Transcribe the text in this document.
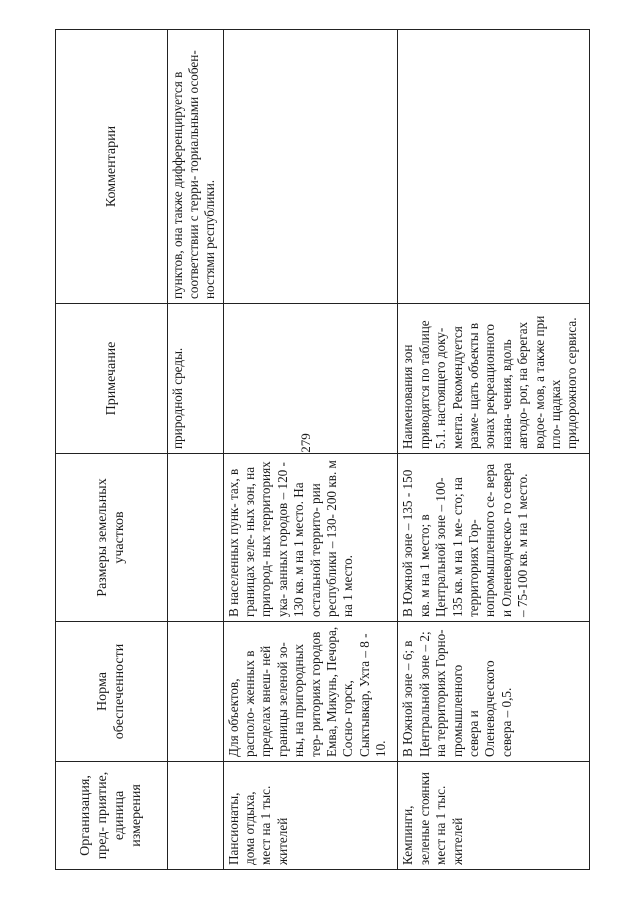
Организация, пред- приятие, единица измерения	Норма обеспеченности	Размеры земельных участков	Примечание	Комментарии
			природной среды.	пунктов, она также дифференцируется в соответствии с терри- ториальными особен- ностями республики.
Пансионаты, дома отдыха, мест на 1 тыс. жителей	Для объектов, располо- женных в пределах внеш- ней границы зеленой зо- ны, на пригородных тер- риториях городов Емва, Микунь, Печора, Сосно- горск, Сыктывкар, Ухта – 8 - 10.	В населенных пунк- тах, в границах зеле- ных зон, на пригород- ных территориях ука- занных городов – 120 - 130 кв. м на 1 место. На остальной террито- рии республики – 130- 200 кв. м на 1 место.		
Кемпинги, зеленые стоянки мест на 1 тыс. жителей	В Южной зоне – 6; в Центральной зоне – 2; на территориях Горно- промышленного севера и Оленеводческого севера – 0,5.	В Южной зоне – 135 - 150 кв. м на 1 место; в Центральной зоне – 100-135 кв. м на 1 ме- сто; на территориях Гор- нопромышленного се- вера и Оленеводческо- го севера – 75-100 кв. м на 1 место.	Наименования зон приводятся по таблице 5.1. настоящего доку- мента. Рекомендуется разме- щать объекты в зонах рекреационного назна- чения, вдоль автодо- рог, на берегах водое- мов, а также при пло- щадках придорожного сервиса.	
279
